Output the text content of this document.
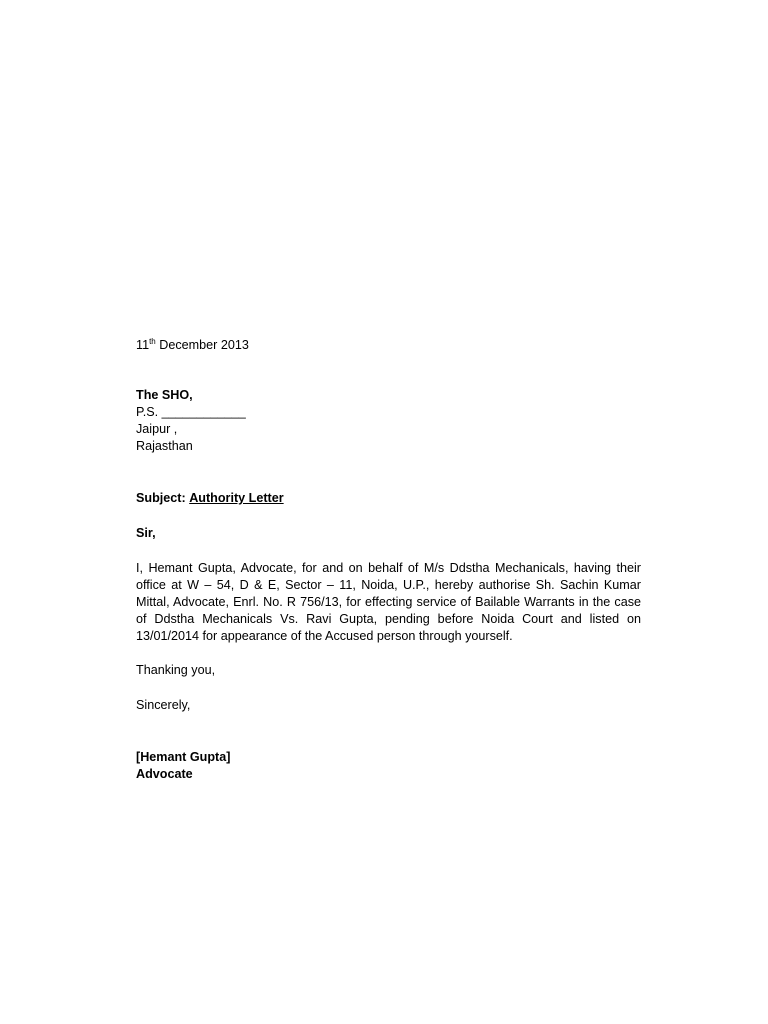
11th December 2013
The SHO,
P.S. ____________
Jaipur ,
Rajasthan
Subject: Authority Letter
Sir,
I, Hemant Gupta, Advocate, for and on behalf of M/s Ddstha Mechanicals, having their office at W – 54, D & E, Sector – 11, Noida, U.P., hereby authorise Sh. Sachin Kumar Mittal, Advocate, Enrl. No. R 756/13, for effecting service of Bailable Warrants in the case of Ddstha Mechanicals Vs. Ravi Gupta, pending before Noida Court and listed on 13/01/2014 for appearance of the Accused person through yourself.
Thanking you,
Sincerely,
[Hemant Gupta]
Advocate
